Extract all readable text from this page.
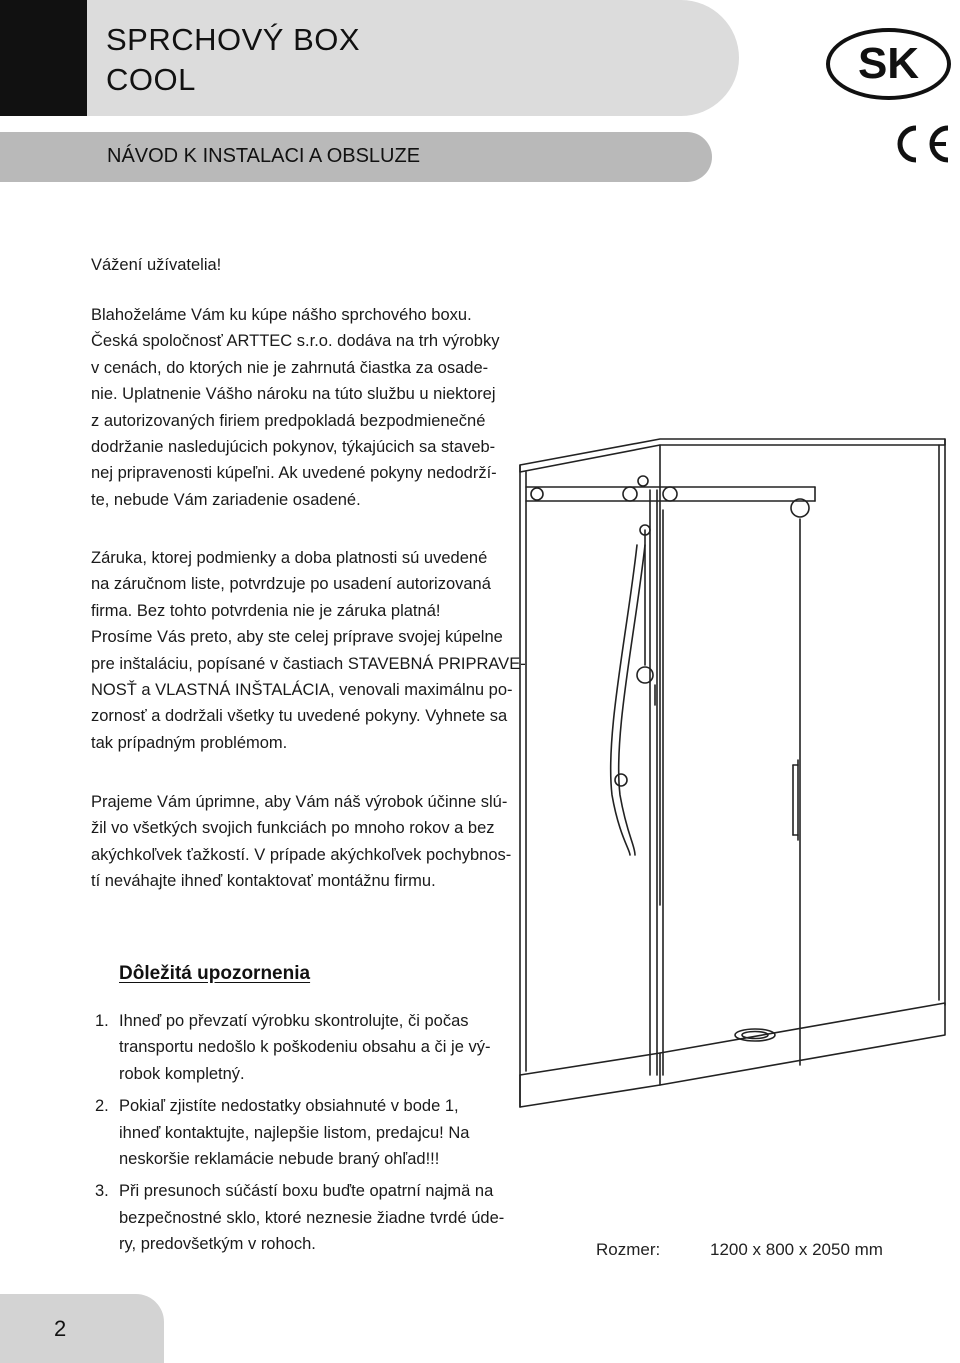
SPRCHOVÝ BOX
COOL
NÁVOD K INSTALACI A OBSLUZE
SK
CE
Vážení užívatelia!
Blahoželáme Vám ku kúpe nášho sprchového boxu.
Česká spoločnosť ARTTEC s.r.o. dodáva na trh výrobky
v cenách, do ktorých nie je zahrnutá čiastka za osade-
nie. Uplatnenie Vášho nároku na túto službu u niektorej
z autorizovaných firiem predpokladá bezpodmienečné
dodržanie nasledujúcich pokynov, týkajúcich sa staveb-
nej pripravenosti kúpeľni. Ak uvedené pokyny nedodrží-
te, nebude Vám zariadenie osadené.
Záruka, ktorej podmienky a doba platnosti sú uvedené
na záručnom liste, potvrdzuje po usadení autorizovaná
firma. Bez tohto potvrdenia nie je záruka platná!
Prosíme Vás preto, aby ste celej príprave svojej kúpelne
pre inštaláciu, popísané v častiach STAVEBNÁ PRIPRAVE-
NOSŤ a VLASTNÁ INŠTALÁCIA, venovali maximálnu po-
zornosť a dodržali všetky tu uvedené pokyny. Vyhnete sa
tak prípadným problémom.
Prajeme Vám úprimne, aby Vám náš výrobok účinne slú-
žil vo všetkých svojich funkciách po mnoho rokov a bez
akýchkoľvek ťažkostí. V prípade akýchkoľvek pochybnos-
tí neváhajte ihneď kontaktovať montážnu firmu.
Dôležitá upozornenia
1. Ihneď po převzatí výrobku skontrolujte, či počas
transportu nedošlo k poškodeniu obsahu a či je vý-
robok kompletný.
2. Pokiaľ zjistíte nedostatky obsiahnuté v bode 1,
ihneď kontaktujte, najlepšie listom, predajcu! Na
neskoršie reklamácie nebude braný ohľad!!!
3. Při presunoch súčástí boxu buďte opatrní najmä na
bezpečnostné sklo, ktoré neznesie žiadne tvrdé úde-
ry, predovšetkým v rohoch.	Rozmer:	1200 x 800 x 2050 mm
2
